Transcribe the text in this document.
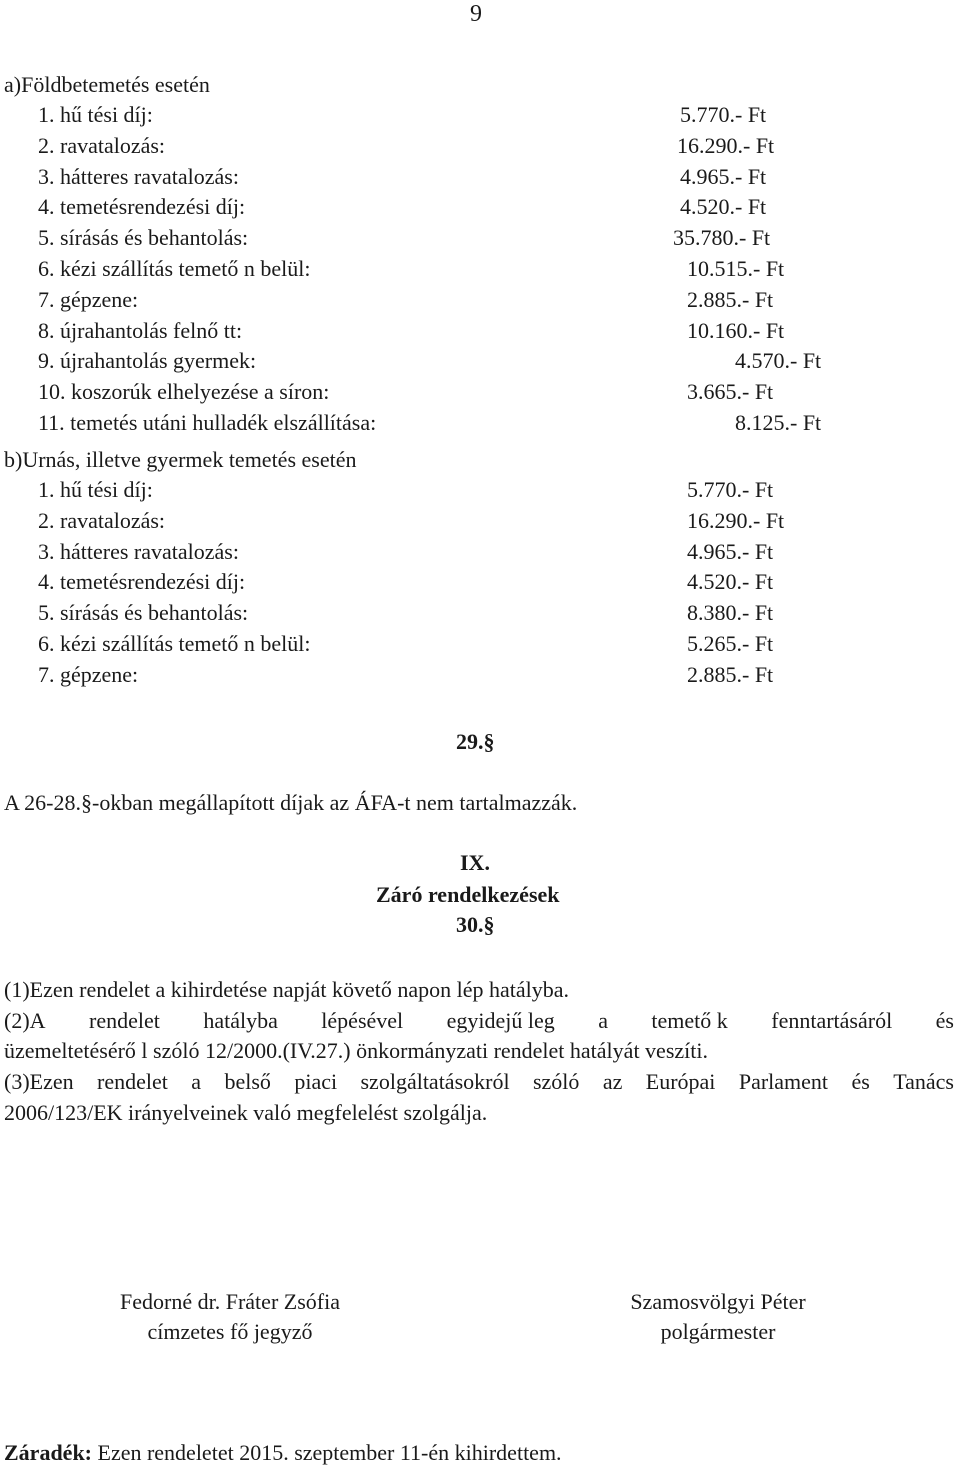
9
a)Földbetemetés esetén
1. hű tési díj:	5.770.- Ft
2. ravatalozás:	16.290.- Ft
3. hátteres ravatalozás:	4.965.- Ft
4. temetésrendezési díj:	4.520.- Ft
5. sírásás és behantolás:	35.780.- Ft
6. kézi szállítás temető n belül:	10.515.- Ft
7. gépzene:	2.885.- Ft
8. újrahantolás felnő tt:	10.160.- Ft
9. újrahantolás gyermek:	4.570.- Ft
10. koszorúk elhelyezése a síron:	3.665.- Ft
11. temetés utáni hulladék elszállítása:	8.125.- Ft
b)Urnás, illetve gyermek temetés esetén
1. hű tési díj:	5.770.- Ft
2. ravatalozás:	16.290.- Ft
3. hátteres ravatalozás:	4.965.- Ft
4. temetésrendezési díj:	4.520.- Ft
5. sírásás és behantolás:	8.380.- Ft
6. kézi szállítás temető n belül:	5.265.- Ft
7. gépzene:	2.885.- Ft
29.§
A 26-28.§-okban megállapított díjak az ÁFA-t nem tartalmazzák.
IX.
Záró rendelkezések
30.§
(1)Ezen rendelet a kihirdetése napját követő napon lép hatályba.
(2)A rendelet hatályba lépésével egyidejű leg a temető k fenntartásáról és
üzemeltetésérő l szóló 12/2000.(IV.27.) önkormányzati rendelet hatályát veszíti.
(3)Ezen rendelet a belső piaci szolgáltatásokról szóló az Európai Parlament és Tanács
2006/123/EK irányelveinek való megfelelést szolgálja.
Fedorné dr. Fráter Zsófia
címzetes fő jegyző
Szamosvölgyi Péter
polgármester
Záradék: Ezen rendeletet 2015. szeptember 11-én kihirdettem.
